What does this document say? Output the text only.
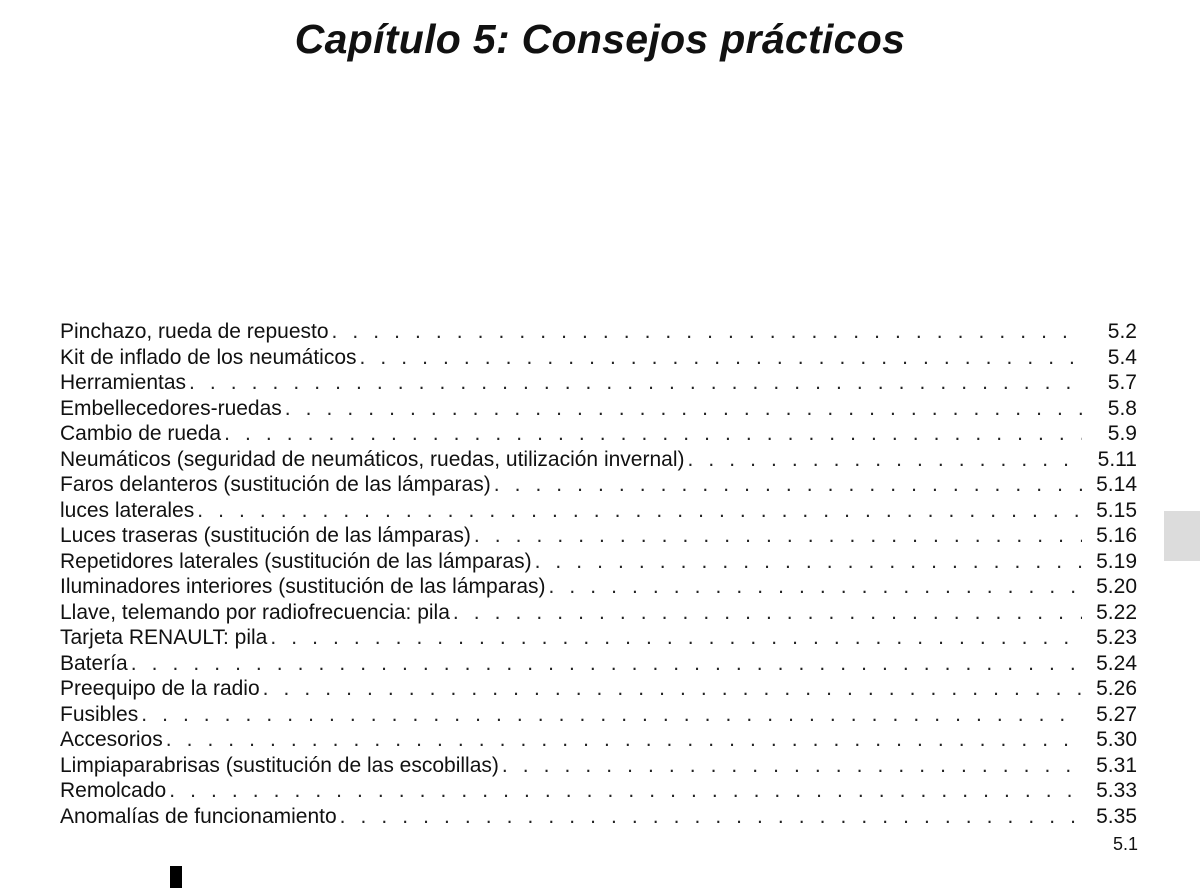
Capítulo 5: Consejos prácticos
Pinchazo, rueda de repuesto . . .	5.2
Kit de inflado de los neumáticos . . .	5.4
Herramientas . . .	5.7
Embellecedores-ruedas . . .	5.8
Cambio de rueda . . .	5.9
Neumáticos (seguridad de neumáticos, ruedas, utilización invernal) . . .	5.11
Faros delanteros (sustitución de las lámparas) . . .	5.14
luces laterales . . .	5.15
Luces traseras (sustitución de las lámparas) . . .	5.16
Repetidores laterales (sustitución de las lámparas) . . .	5.19
Iluminadores interiores (sustitución de las lámparas) . . .	5.20
Llave, telemando por radiofrecuencia: pila . . .	5.22
Tarjeta RENAULT: pila . . .	5.23
Batería . . .	5.24
Preequipo de la radio . . .	5.26
Fusibles . . .	5.27
Accesorios . . .	5.30
Limpiaparabrisas (sustitución de las escobillas) . . .	5.31
Remolcado . . .	5.33
Anomalías de funcionamiento . . .	5.35
5.1
